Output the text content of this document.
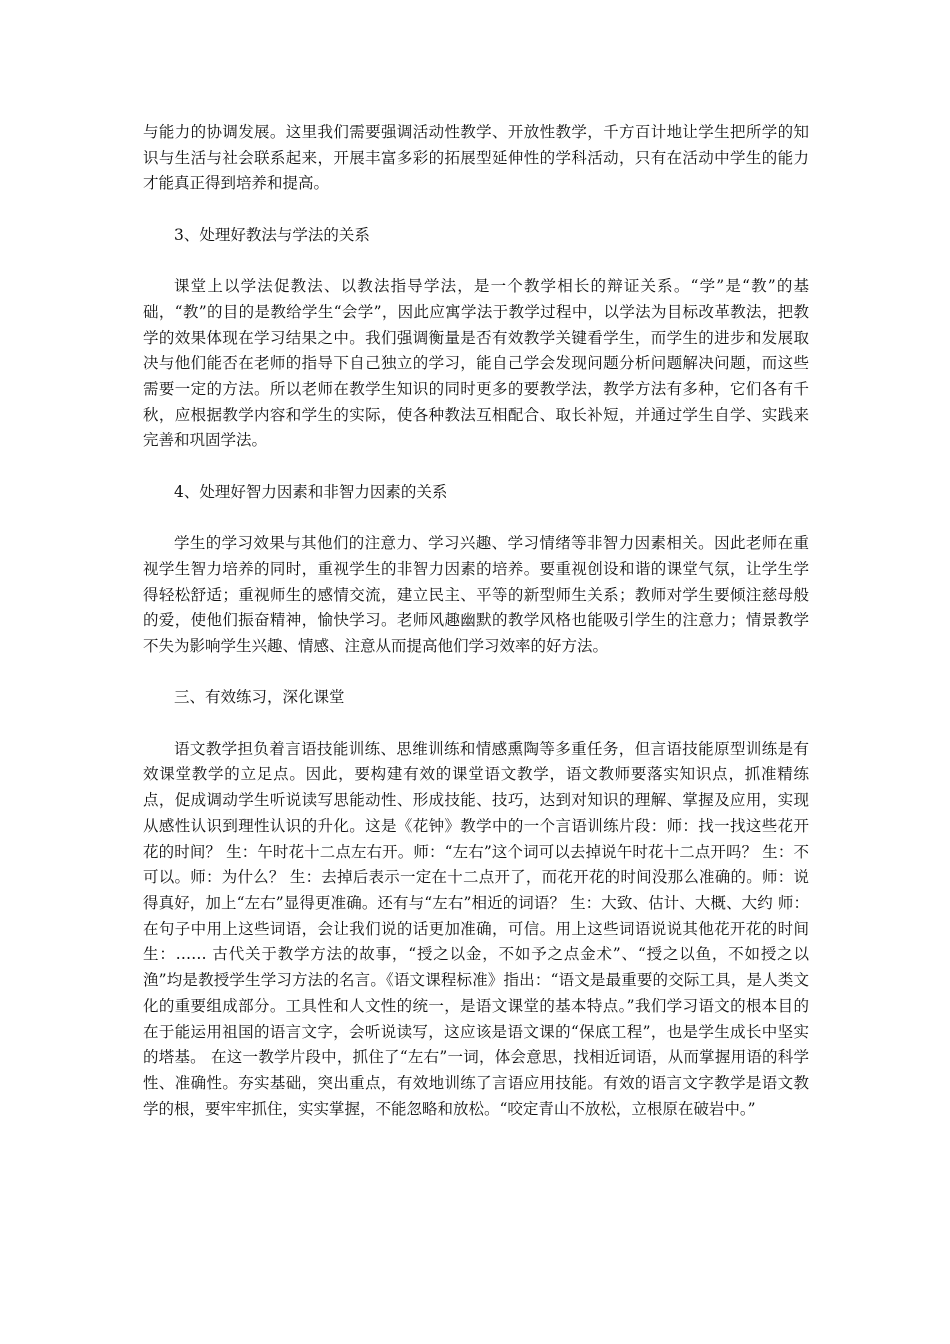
与能力的协调发展。这里我们需要强调活动性教学、开放性教学，千方百计地让学生把所学的知识与生活与社会联系起来，开展丰富多彩的拓展型延伸性的学科活动，只有在活动中学生的能力才能真正得到培养和提高。

3、处理好教法与学法的关系

课堂上以学法促教法、以教法指导学法，是一个教学相长的辩证关系。“学”是“教”的基础，“教”的目的是教给学生“会学”，因此应寓学法于教学过程中，以学法为目标改革教法，把教学的效果体现在学习结果之中。我们强调衡量是否有效教学关键看学生，而学生的进步和发展取决与他们能否在老师的指导下自己独立的学习，能自己学会发现问题分析问题解决问题，而这些需要一定的方法。所以老师在教学生知识的同时更多的要教学法，教学方法有多种，它们各有千秋，应根据教学内容和学生的实际，使各种教法互相配合、取长补短，并通过学生自学、实践来完善和巩固学法。

4、处理好智力因素和非智力因素的关系

学生的学习效果与其他们的注意力、学习兴趣、学习情绪等非智力因素相关。因此老师在重视学生智力培养的同时，重视学生的非智力因素的培养。要重视创设和谐的课堂气氛，让学生学得轻松舒适；重视师生的感情交流，建立民主、平等的新型师生关系；教师对学生要倾注慈母般的爱，使他们振奋精神，愉快学习。老师风趣幽默的教学风格也能吸引学生的注意力；情景教学不失为影响学生兴趣、情感、注意从而提高他们学习效率的好方法。

三、有效练习，深化课堂

语文教学担负着言语技能训练、思维训练和情感熏陶等多重任务，但言语技能原型训练是有效课堂教学的立足点。因此，要构建有效的课堂语文教学，语文教师要落实知识点，抓准精练点，促成调动学生听说读写思能动性、形成技能、技巧，达到对知识的理解、掌握及应用，实现从感性认识到理性认识的升化。这是《花钟》教学中的一个言语训练片段：师：找一找这些花开花的时间？ 生：午时花十二点左右开。师：“左右”这个词可以去掉说午时花十二点开吗？ 生：不可以。师：为什么？ 生：去掉后表示一定在十二点开了，而花开花的时间没那么准确的。师：说得真好，加上“左右”显得更准确。还有与“左右”相近的词语？ 生：大致、估计、大概、大约 师：在句子中用上这些词语，会让我们说的话更加准确，可信。用上这些词语说说其他花开花的时间生：…… 古代关于教学方法的故事，“授之以金，不如予之点金术”、“授之以鱼，不如授之以渔”均是教授学生学习方法的名言。《语文课程标准》指出：“语文是最重要的交际工具，是人类文化的重要组成部分。工具性和人文性的统一，是语文课堂的基本特点。”我们学习语文的根本目的在于能运用祖国的语言文字，会听说读写，这应该是语文课的“保底工程”，也是学生成长中坚实的塔基。 在这一教学片段中，抓住了“左右”一词，体会意思，找相近词语，从而掌握用语的科学性、准确性。夯实基础，突出重点，有效地训练了言语应用技能。有效的语言文字教学是语文教学的根，要牢牢抓住，实实掌握，不能忽略和放松。“咬定青山不放松，立根原在破岩中。”
